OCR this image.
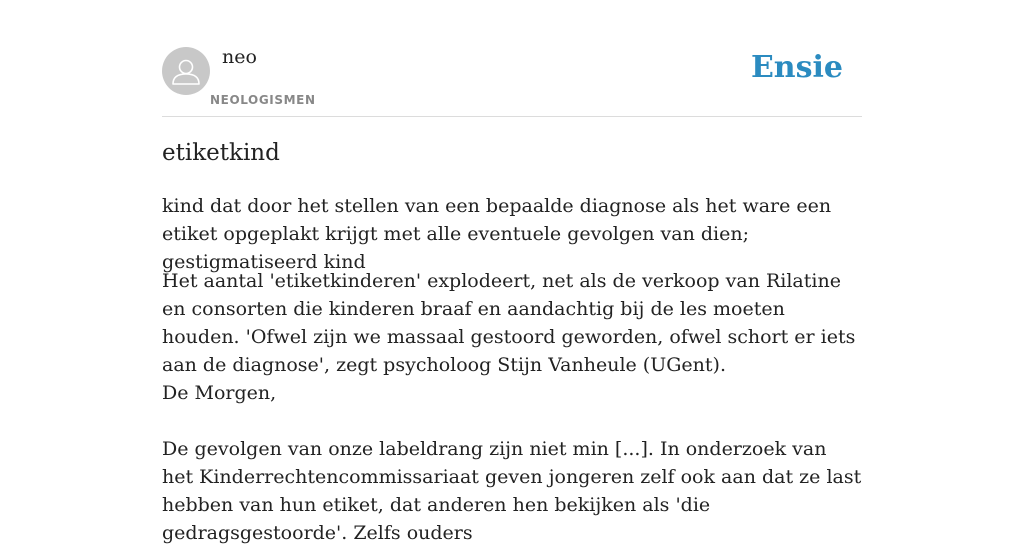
neo
NEOLOGISMEN
Ensie
etiketkind

kind dat door het stellen van een bepaalde diagnose als het ware een etiket opgeplakt krijgt met alle eventuele gevolgen van dien; gestigmatiseerd kind

Het aantal 'etiketkinderen' explodeert, net als de verkoop van Rilatine en consorten die kinderen braaf en aandachtig bij de les moeten houden. 'Ofwel zijn we massaal gestoord geworden, ofwel schort er iets aan de diagnose', zegt psycholoog Stijn Vanheule (UGent).
De Morgen,
De gevolgen van onze labeldrang zijn niet min [...]. In onderzoek van het Kinderrechtencommissariaat geven jongeren zelf ook aan dat ze last hebben van hun etiket, dat anderen hen bekijken als 'die gedragsgestoorde'. Zelfs ouders
